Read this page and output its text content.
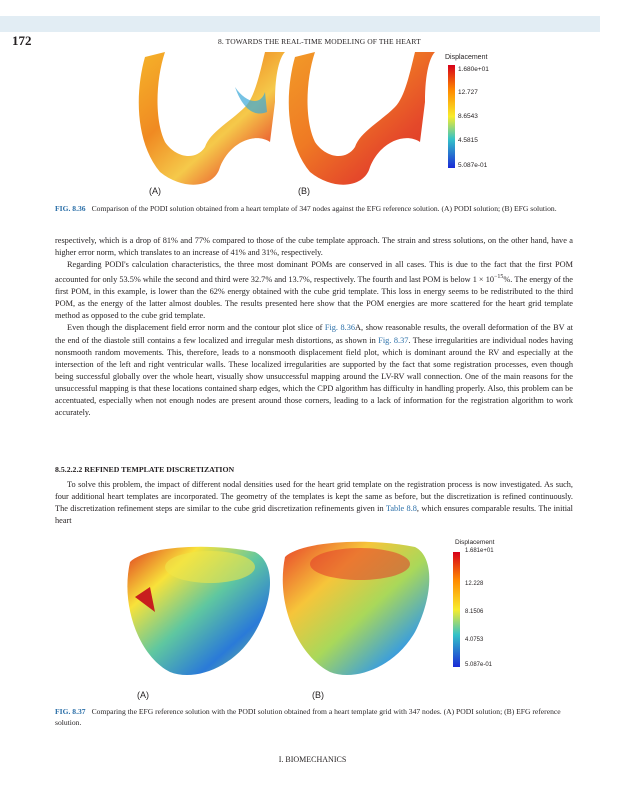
172	8. TOWARDS THE REAL-TIME MODELING OF THE HEART
Displacement
1.680e+01
12.727
8.6543
4.5815
5.087e-01
(A)	(B)
FIG. 8.36 Comparison of the PODI solution obtained from a heart template of 347 nodes against the EFG reference solution. (A) PODI solution; (B) EFG solution.

respectively, which is a drop of 81% and 77% compared to those of the cube template approach. The strain and stress solutions, on the other hand, have a higher error norm, which translates to an increase of 41% and 31%, respectively.

Regarding PODI's calculation characteristics, the three most dominant POMs are conserved in all cases. This is due to the fact that the first POM accounted for only 53.5% while the second and third were 32.7% and 13.7%, respectively. The fourth and last POM is below $1 \times 10^{-15}\%$. The energy of the first POM, in this example, is lower than the 62% energy obtained with the cube grid template. This loss in energy seems to be redistributed to the third POM, as the energy of the latter almost doubles. The results presented here show that the POM energies are more scattered for the heart grid template method as opposed to the cube grid template.

Even though the displacement field error norm and the contour plot slice of Fig. 8.36A, show reasonable results, the overall deformation of the BV at the end of the diastole still contains a few localized and irregular mesh distortions, as shown in Fig. 8.37. These irregularities are individual nodes having nonsmooth random movements. This, therefore, leads to a nonsmooth displacement field plot, which is dominant around the RV and especially at the intersection of the left and right ventricular walls. These localized irregularities are supported by the fact that some registration processes, even though being successful globally over the whole heart, visually show unsuccessful mapping around the LV-RV wall connection. One of the main reasons for the unsuccessful mapping is that these locations contained sharp edges, which the CPD algorithm has difficulty in handling properly. Also, this problem can be accentuated, especially when not enough nodes are present around those corners, leading to a lack of information for the registration algorithm to work accurately.

8.5.2.2.2 REFINED TEMPLATE DISCRETIZATION

To solve this problem, the impact of different nodal densities used for the heart grid template on the registration process is now investigated. As such, four additional heart templates are incorporated. The geometry of the templates is kept the same as before, but the discretization is refined continuously. The discretization refinement steps are similar to the cube grid discretization refinements given in Table 8.8, which ensures comparable results. The initial heart

Displacement
1.681e+01
12.228
8.1506
4.0753
5.087e-01
(A)	(B)
FIG. 8.37 Comparing the EFG reference solution with the PODI solution obtained from a heart template grid with 347 nodes. (A) PODI solution; (B) EFG reference solution.
I. BIOMECHANICS
